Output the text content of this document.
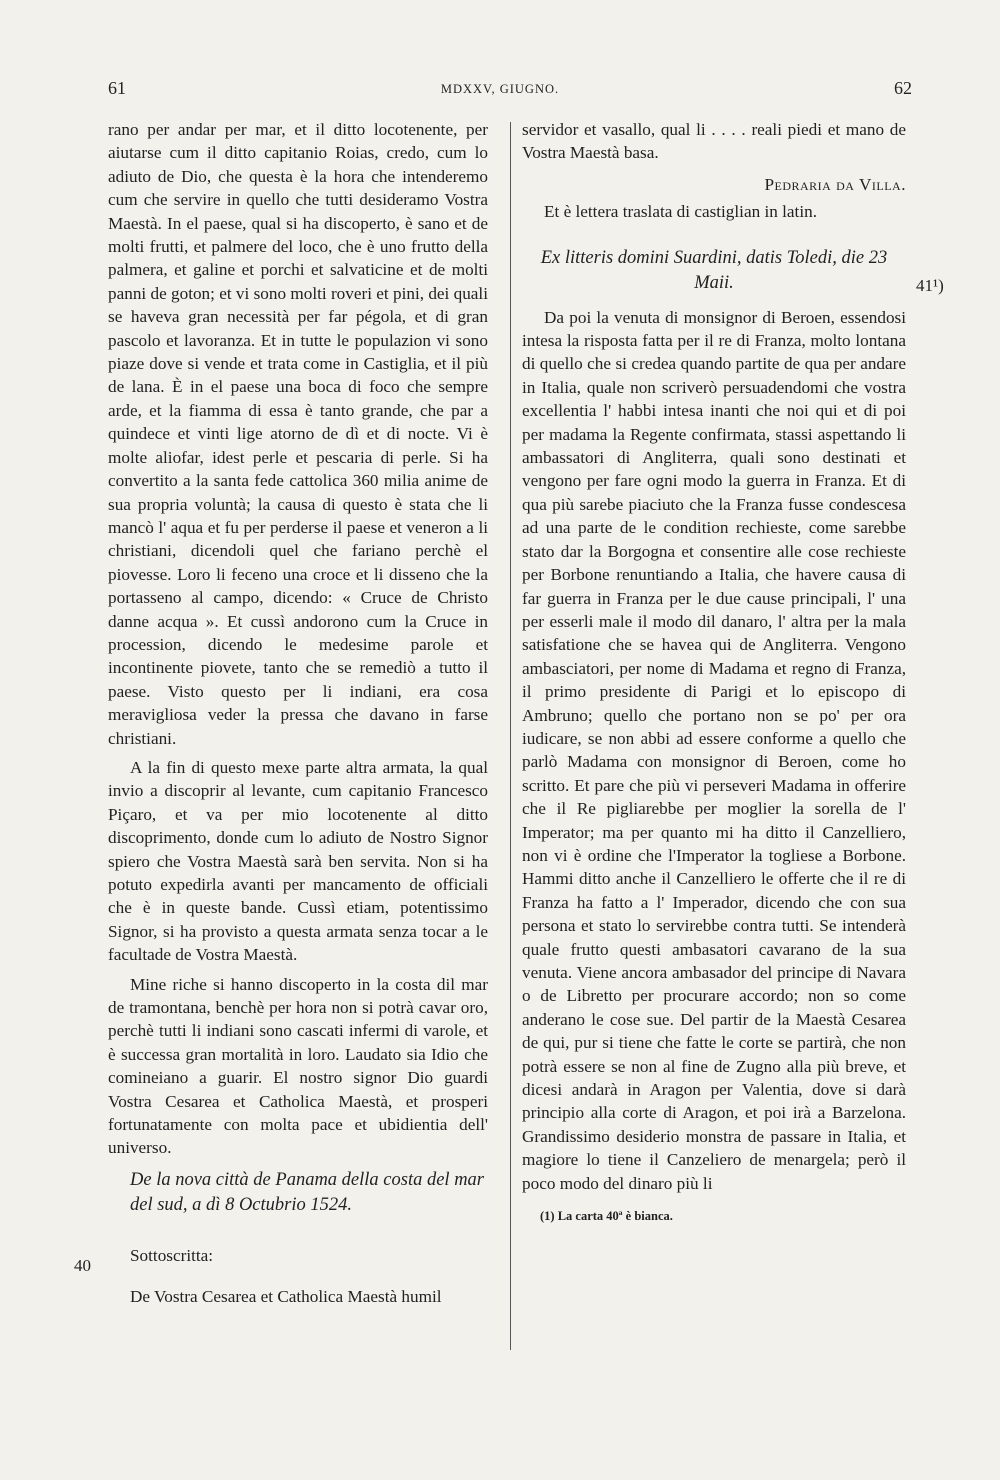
61	MDXXV, GIUGNO.	62

rano per andar per mar, et il ditto locotenente, per aiutarse cum il ditto capitanio Roias, credo, cum lo adiuto de Dio, che questa è la hora che intenderemo cum che servire in quello che tutti desideramo Vostra Maestà. In el paese, qual si ha discoperto, è sano et de molti frutti, et palmere del loco, che è uno frutto della palmera, et galine et porchi et salvaticine et de molti panni de goton; et vi sono molti roveri et pini, dei quali se haveva gran necessità per far pégola, et di gran pascolo et lavoranza. Et in tutte le populazion vi sono piaze dove si vende et trata come in Castiglia, et il più de lana. È in el paese una boca di foco che sempre arde, et la fiamma di essa è tanto grande, che par a quindece et vinti lige atorno de dì et di nocte. Vi è molte aliofar, idest perle et pescaria di perle. Si ha convertito a la santa fede cattolica 360 milia anime de sua propria voluntà; la causa di questo è stata che li mancò l' aqua et fu per perderse il paese et veneron a li christiani, dicendoli quel che fariano perchè el piovesse. Loro li feceno una croce et li disseno che la portasseno al campo, dicendo: « Cruce de Christo danne acqua ». Et cussì andorono cum la Cruce in procession, dicendo le medesime parole et incontinente piovete, tanto che se remediò a tutto il paese. Visto questo per li indiani, era cosa meravigliosa veder la pressa che davano in farse christiani.

A la fin di questo mexe parte altra armata, la qual invio a discoprir al levante, cum capitanio Francesco Piçaro, et va per mio locotenente al ditto discoprimento, donde cum lo adiuto de Nostro Signor spiero che Vostra Maestà sarà ben servita. Non si ha potuto expedirla avanti per mancamento de officiali che è in queste bande. Cussì etiam, potentissimo Signor, si ha provisto a questa armata senza tocar a le facultade de Vostra Maestà.

Mine riche si hanno discoperto in la costa dil mar de tramontana, benchè per hora non si potrà cavar oro, perchè tutti li indiani sono cascati infermi di varole, et è successa gran mortalità in loro. Laudato sia Idio che comineiano a guarir. El nostro signor Dio guardi Vostra Cesarea et Catholica Maestà, et prosperi fortunatamente con molta pace et ubidientia dell' universo.

De la nova città de Panama della costa del mar del sud, a dì 8 Octubrio 1524.

Sottoscritta:

De Vostra Cesarea et Catholica Maestà humil

40

servidor et vasallo, qual li . . . . reali piedi et mano de Vostra Maestà basa.

Pedraria da Villa.

Et è lettera traslata di castiglian in latin.

Ex litteris domini Suardini, datis Toledi, die 23 Maii.

Da poi la venuta di monsignor di Beroen, essendosi intesa la risposta fatta per il re di Franza, molto lontana di quello che si credea quando partite de qua per andare in Italia, quale non scriverò persuadendomi che vostra excellentia l' habbi intesa inanti che noi qui et di poi per madama la Regente confirmata, stassi aspettando li ambassatori di Angliterra, quali sono destinati et vengono per fare ogni modo la guerra in Franza. Et di qua più sarebe piaciuto che la Franza fusse condescesa ad una parte de le condition rechieste, come sarebbe stato dar la Borgogna et consentire alle cose rechieste per Borbone renuntiando a Italia, che havere causa di far guerra in Franza per le due cause principali, l' una per esserli male il modo dil danaro, l' altra per la mala satisfatione che se havea qui de Angliterra. Vengono ambasciatori, per nome di Madama et regno di Franza, il primo presidente di Parigi et lo episcopo di Ambruno; quello che portano non se po' per ora iudicare, se non abbi ad essere conforme a quello che parlò Madama con monsignor di Beroen, come ho scritto. Et pare che più vi perseveri Madama in offerire che il Re pigliarebbe per moglier la sorella de l' Imperator; ma per quanto mi ha ditto il Canzelliero, non vi è ordine che l'Imperator la togliese a Borbone. Hammi ditto anche il Canzelliero le offerte che il re di Franza ha fatto a l' Imperador, dicendo che con sua persona et stato lo servirebbe contra tutti. Se intenderà quale frutto questi ambasatori cavarano de la sua venuta. Viene ancora ambasador del principe di Navara o de Libretto per procurare accordo; non so come anderano le cose sue. Del partir de la Maestà Cesarea de qui, pur si tiene che fatte le corte se partirà, che non potrà essere se non al fine de Zugno alla più breve, et dicesi andarà in Aragon per Valentia, dove si darà principio alla corte di Aragon, et poi irà a Barzelona. Grandissimo desiderio monstra de passare in Italia, et magiore lo tiene il Canzeliero de menargela; però il poco modo del dinaro più li

(1) La carta 40ª è bianca.

41¹)
